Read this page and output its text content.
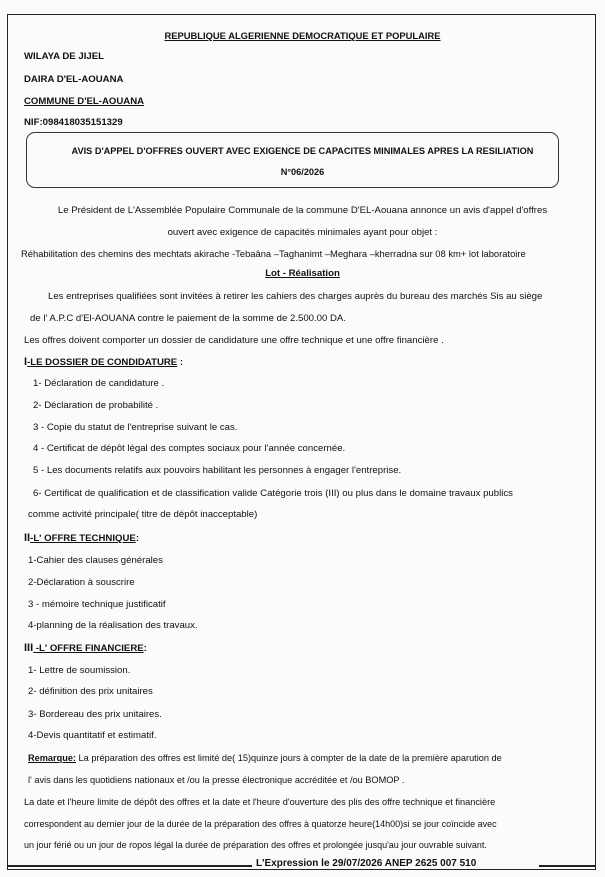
REPUBLIQUE ALGERIENNE DEMOCRATIQUE ET POPULAIRE
WILAYA DE JIJEL
DAIRA D'EL-AOUANA
COMMUNE D'EL-AOUANA
NIF:098418035151329
AVIS D'APPEL D'OFFRES OUVERT AVEC EXIGENCE DE CAPACITES MINIMALES APRES LA RESILIATION
N°06/2026
Le Président de L'Assemblée Populaire Communale de la commune D'EL-Aouana annonce un avis d'appel d'offres
ouvert avec exigence de capacités minimales ayant pour objet :
Réhabilitation des chemins des mechtats akirache -Tebaâna –Taghanimt –Meghara –kherradna sur 08 km+ lot laboratoire
Lot - Réalisation
Les entreprises qualifiées sont invitées à retirer les cahiers des charges auprès du bureau des marchés Sis au siège
de l' A.P.C d'El-AOUANA contre le paiement de la somme de 2.500.00 DA.
Les offres doivent comporter un dossier de candidature une offre technique et une offre financière .
I-LE DOSSIER DE CONDIDATURE :
1- Déclaration de candidature .
2- Déclaration de probabilité .
3 - Copie du statut de l'entreprise suivant le cas.
4 - Certificat de dépôt légal des comptes sociaux pour l'année concernée.
5 - Les documents relatifs aux pouvoirs habilitant les personnes à engager l'entreprise.
6- Certificat de qualification et de classification valide Catégorie trois (III) ou plus dans le domaine travaux publics
comme activité principale( titre de dépôt inacceptable)
II-L' OFFRE TECHNIQUE:
1-Cahier des clauses générales
2-Déclaration à souscrire
3 - mémoire technique justificatif
4-planning de la réalisation des travaux.
III -L' OFFRE FINANCIERE:
1- Lettre de soumission.
2- définition des prix unitaires
3- Bordereau des prix unitaires.
4-Devis quantitatif et estimatif.
Remarque: La préparation des offres est limité de( 15)quinze jours à compter de la date de la première aparution de
l' avis dans les quotidiens nationaux et /ou la presse électronique accréditée et /ou BOMOP .
La date et l'heure limite de dépôt des offres et la date et l'heure d'ouverture des plis des offre technique et financière
correspondent au dernier jour de la durée de la préparation des offres à quatorze heure(14h00)si se jour coïncide avec
un jour férié ou un jour de ropos légal la durée de préparation des offres et prolongée jusqu'au jour ouvrable suivant.
L'Expression le 29/07/2026 ANEP 2625 007 510
